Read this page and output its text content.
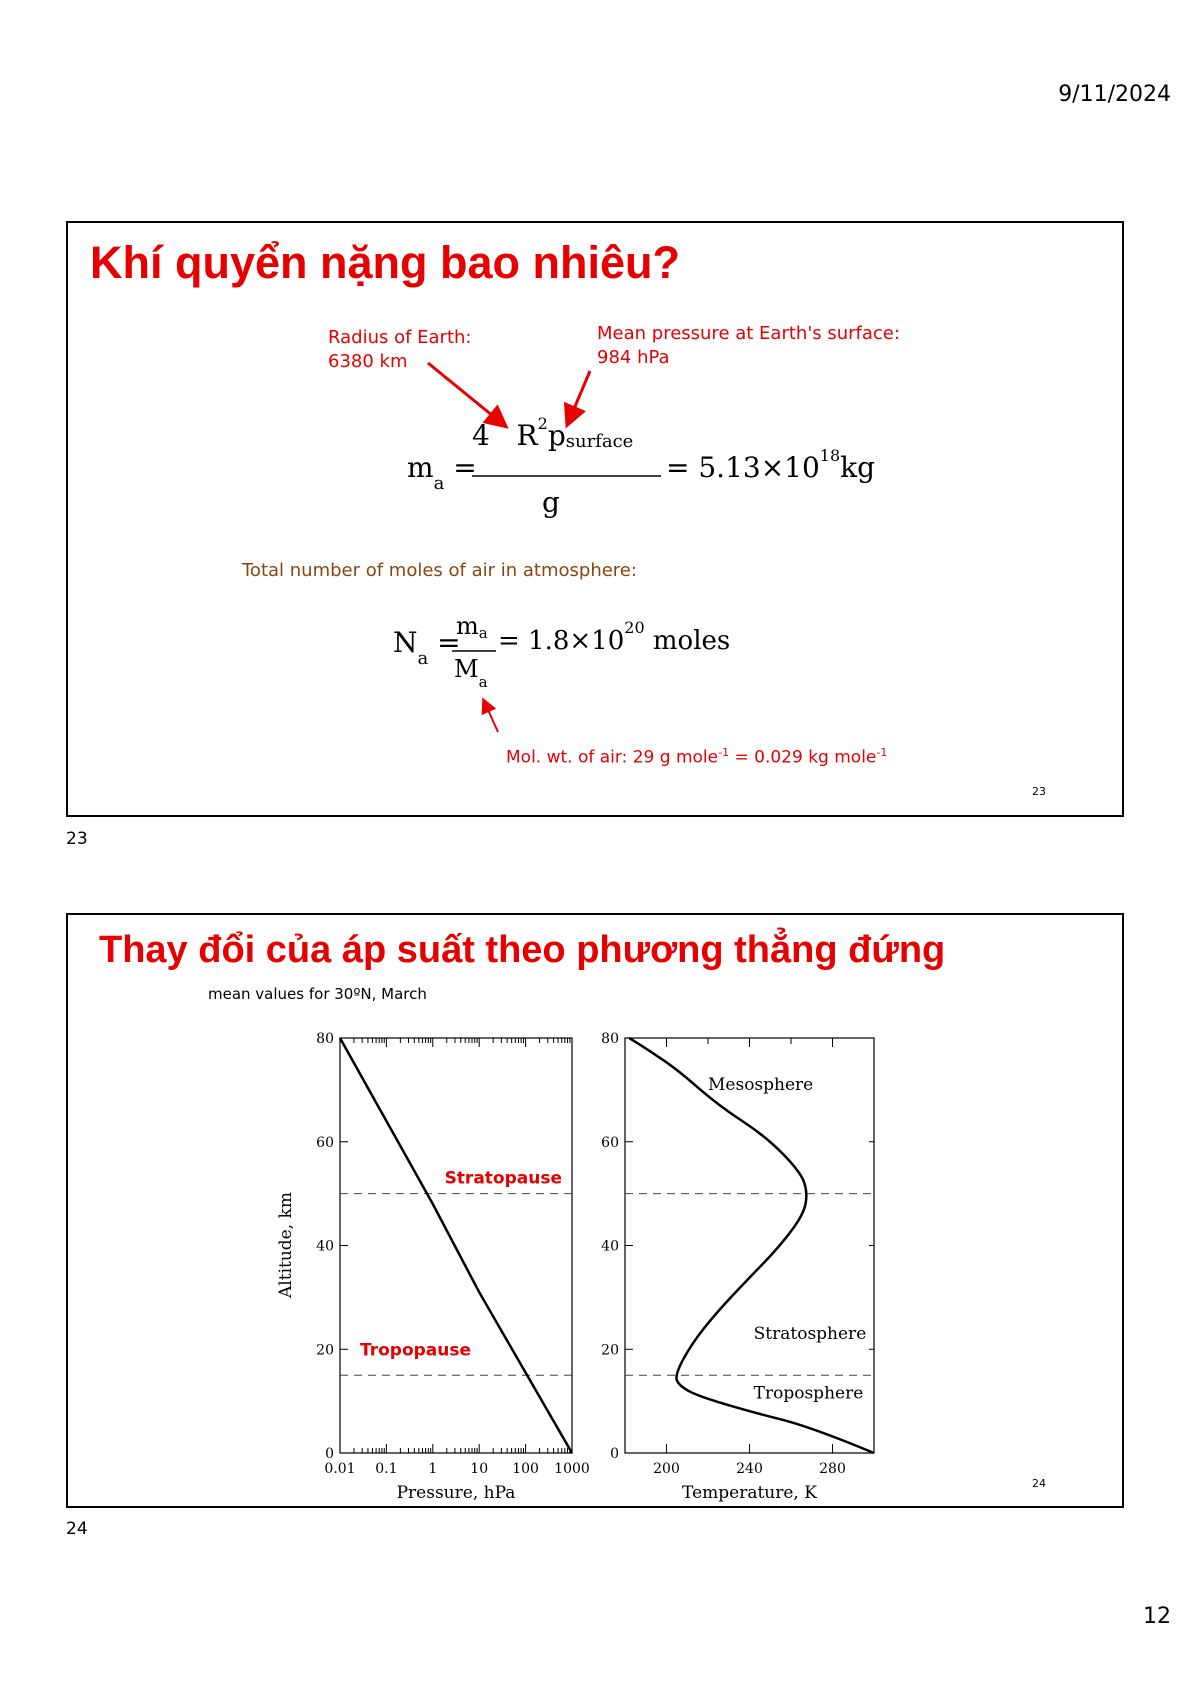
9/11/2024
Khí quyển nặng bao nhiêu?
Radius of Earth:
6380 km
Mean pressure at Earth's surface:
984 hPa
$m_a$ =
4 $R^2psurface$
g
= $5.13\times 10^{18}kg$
Total number of moles of air in atmosphere:
$N_a$ =
ma
$M_a$
= $1.8\times 10^{20}$ moles
Mol. wt. of air: 29 g mole$^{-1}$ = 0.029 kg mole$^{-1}$
23
23
Thay đổi của áp suất theo phương thẳng đứng
mean values for 30ºN, March
0
20
40
60
80
0.01 0.1 1 10 100 1000
0
20
40
60
80
200	240	280
Stratopause
Tropopause
Pressure, hPa	Temperature, K
Altitude, km
Mesosphere
Stratosphere
Troposphere
24
24
12
